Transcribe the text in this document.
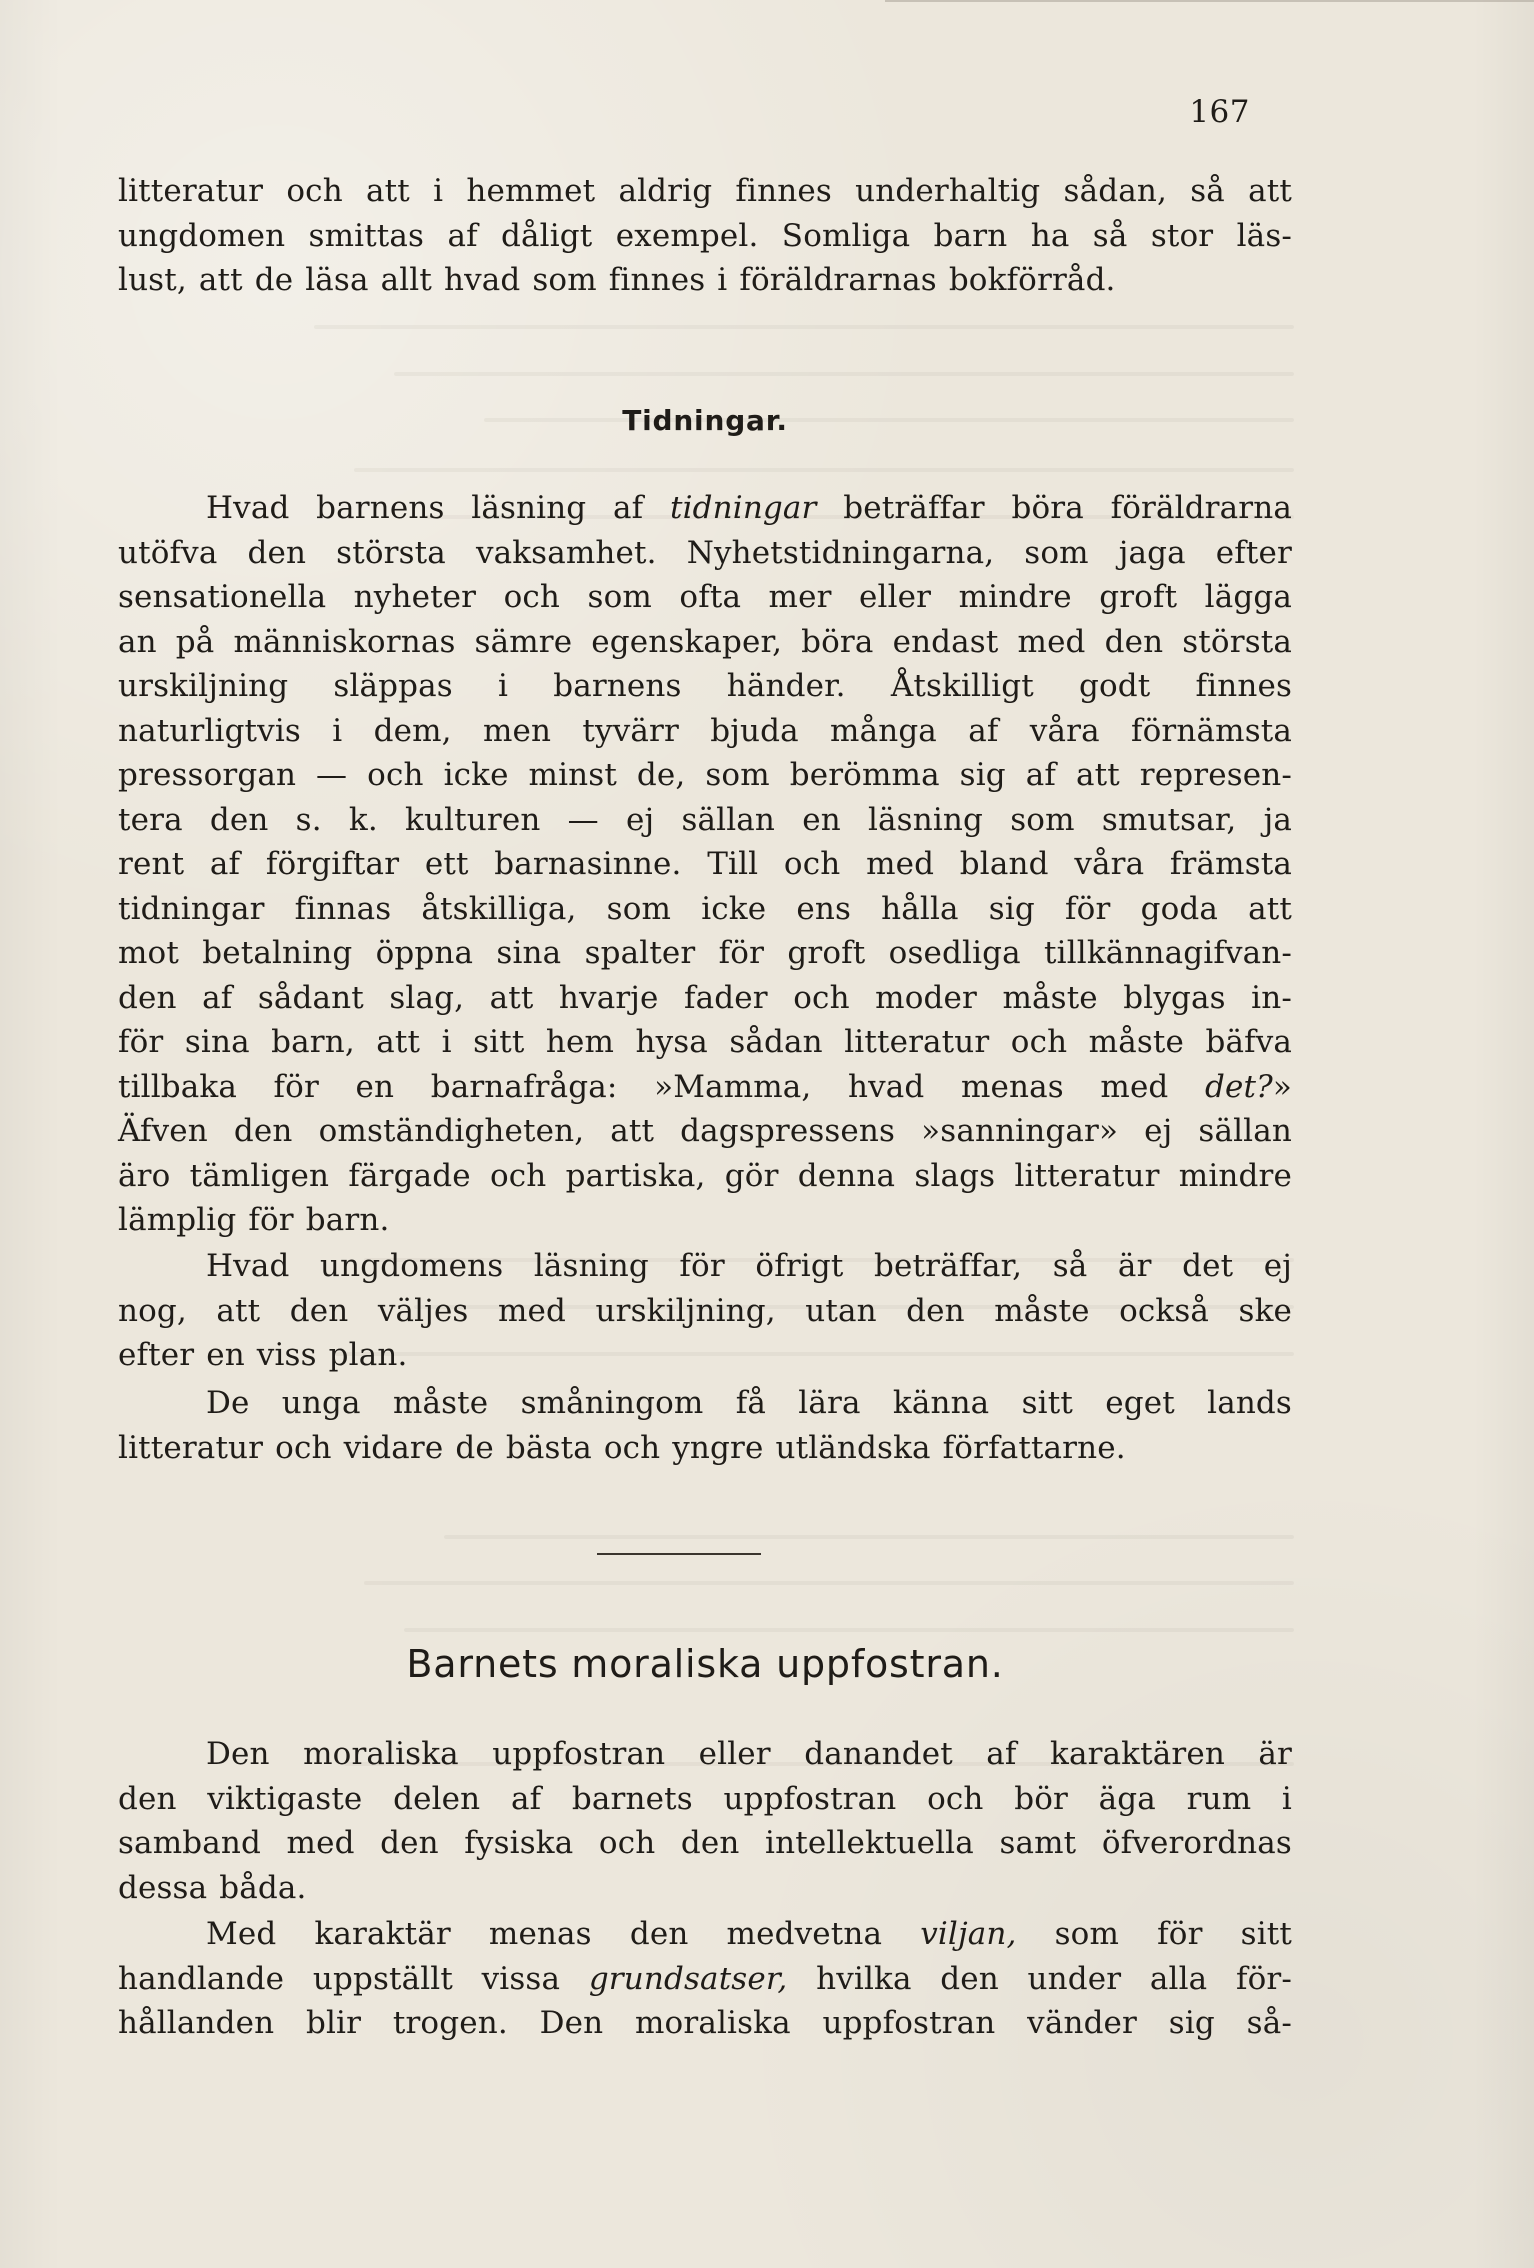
167
litteratur och att i hemmet aldrig finnes underhaltig sådan, så att
ungdomen smittas af dåligt exempel. Somliga barn ha så stor läs-
lust, att de läsa allt hvad som finnes i föräldrarnas bokförråd.
Tidningar.
Hvad barnens läsning af tidningar beträffar böra föräldrarna
utöfva den största vaksamhet. Nyhetstidningarna, som jaga efter
sensationella nyheter och som ofta mer eller mindre groft lägga
an på människornas sämre egenskaper, böra endast med den största
urskiljning släppas i barnens händer. Åtskilligt godt finnes
naturligtvis i dem, men tyvärr bjuda många af våra förnämsta
pressorgan — och icke minst de, som berömma sig af att represen-
tera den s. k. kulturen — ej sällan en läsning som smutsar, ja
rent af förgiftar ett barnasinne. Till och med bland våra främsta
tidningar finnas åtskilliga, som icke ens hålla sig för goda att
mot betalning öppna sina spalter för groft osedliga tillkännagifvan-
den af sådant slag, att hvarje fader och moder måste blygas in-
för sina barn, att i sitt hem hysa sådan litteratur och måste bäfva
tillbaka för en barnafråga: »Mamma, hvad menas med det?»
Äfven den omständigheten, att dagspressens »sanningar» ej sällan
äro tämligen färgade och partiska, gör denna slags litteratur mindre
lämplig för barn.
Hvad ungdomens läsning för öfrigt beträffar, så är det ej
nog, att den väljes med urskiljning, utan den måste också ske
efter en viss plan.
De unga måste småningom få lära känna sitt eget lands
litteratur och vidare de bästa och yngre utländska författarne.
Barnets moraliska uppfostran.
Den moraliska uppfostran eller danandet af karaktären är
den viktigaste delen af barnets uppfostran och bör äga rum i
samband med den fysiska och den intellektuella samt öfverordnas
dessa båda.
Med karaktär menas den medvetna viljan, som för sitt
handlande uppställt vissa grundsatser, hvilka den under alla för-
hållanden blir trogen. Den moraliska uppfostran vänder sig så-
